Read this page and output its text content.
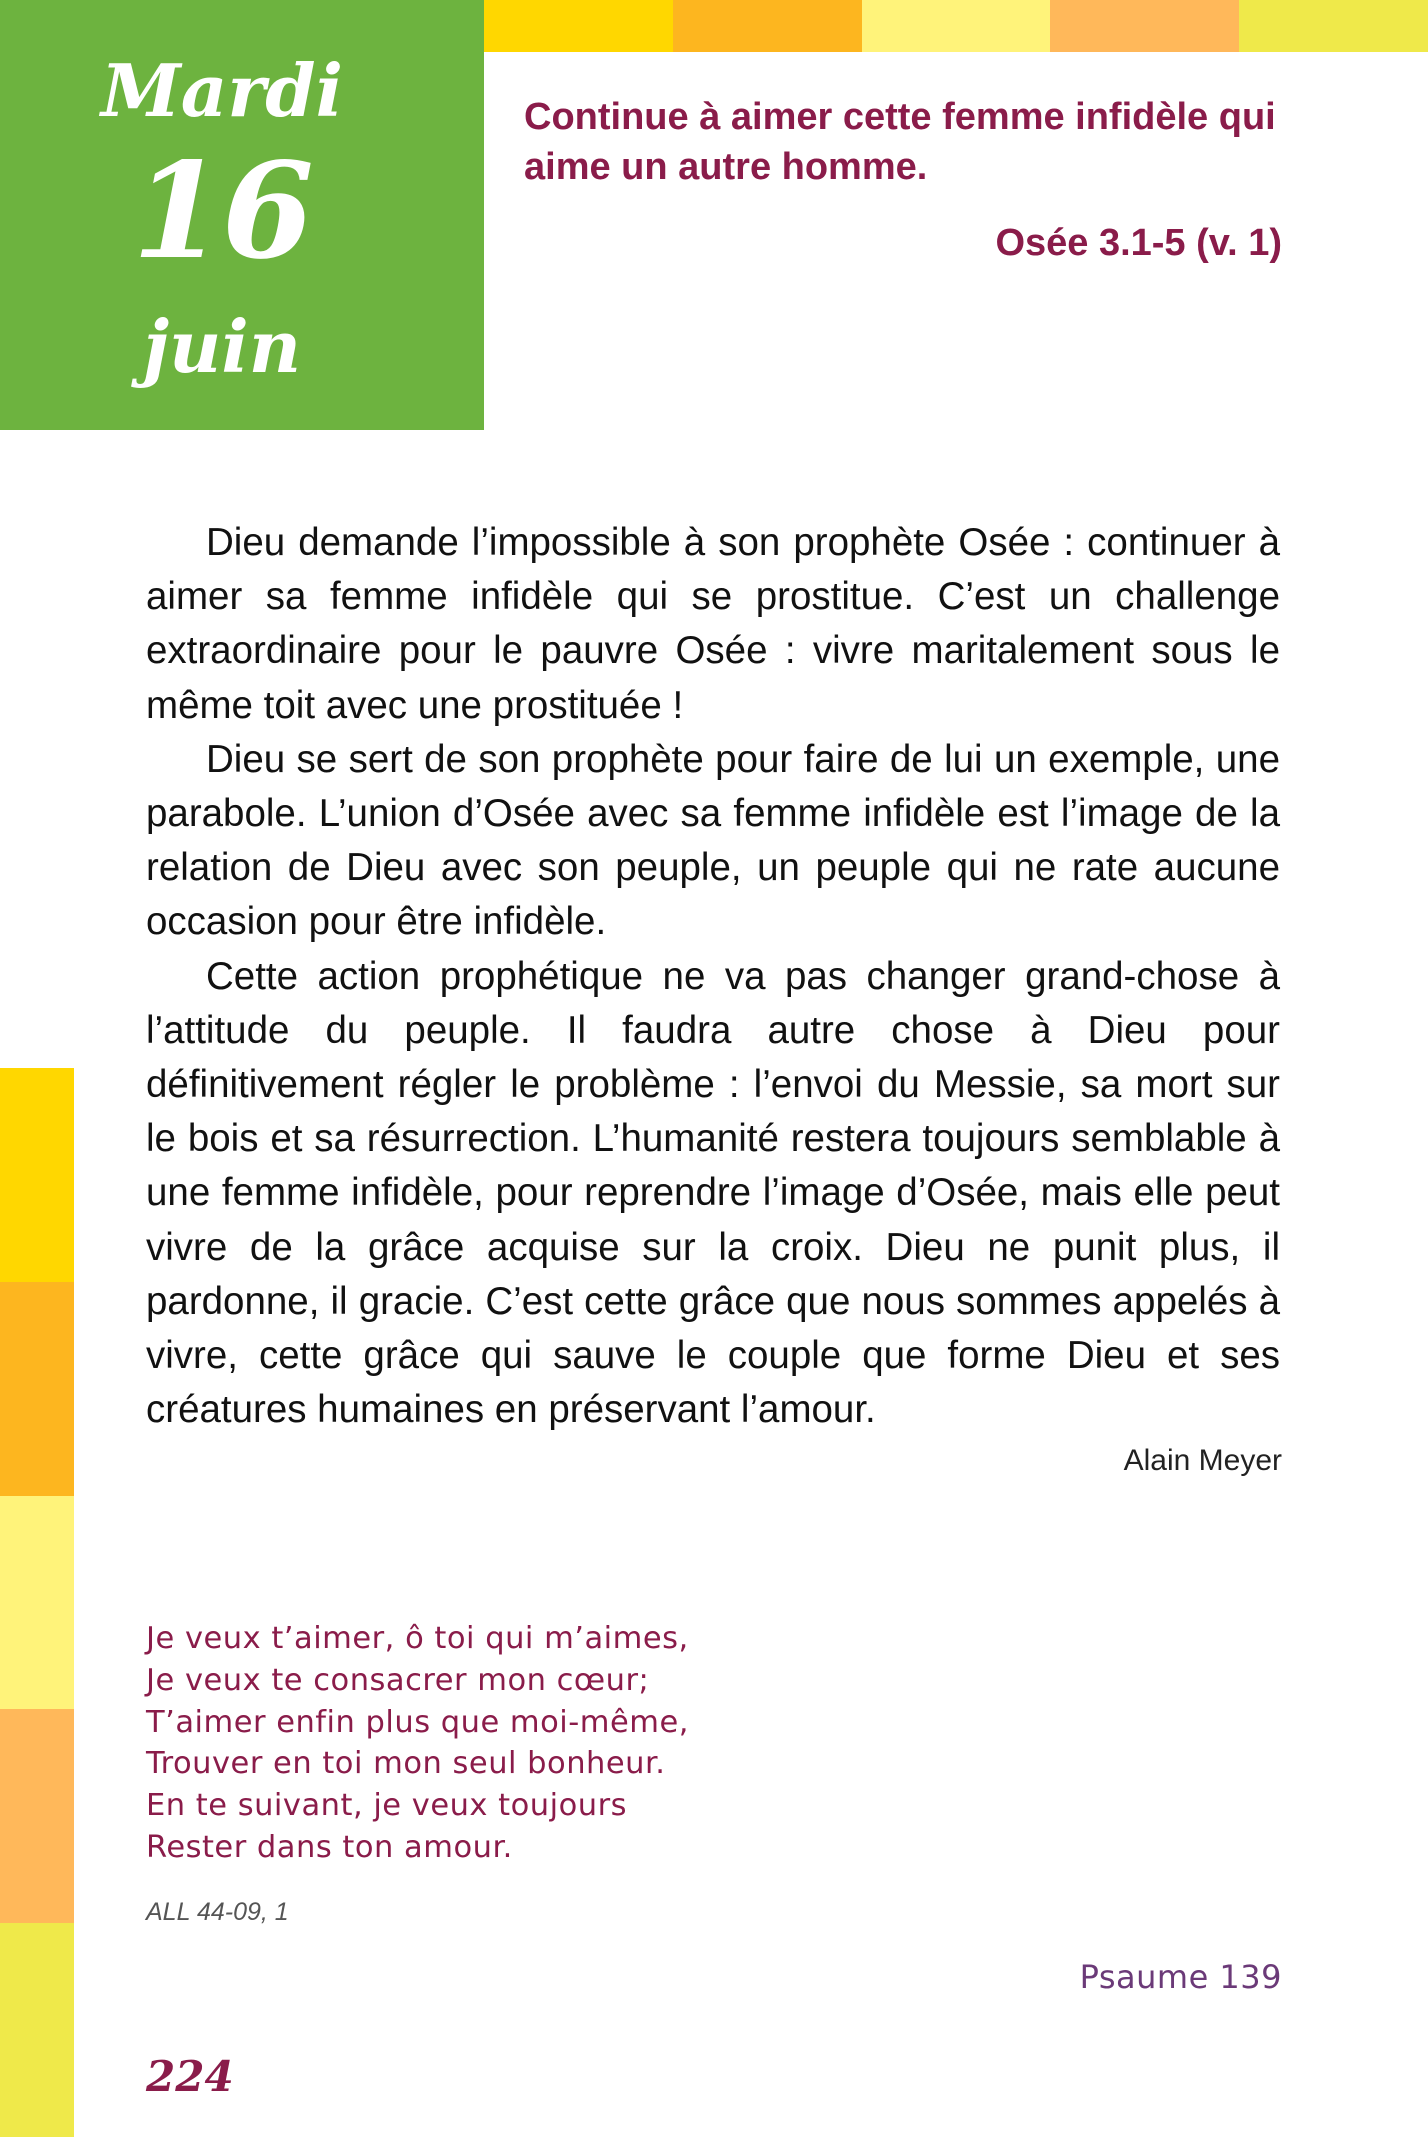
Mardi
16
juin
Continue à aimer cette femme infidèle qui aime un autre homme.
Osée 3.1-5 (v. 1)

Dieu demande l’impossible à son prophète Osée : continuer à aimer sa femme infidèle qui se prostitue. C’est un challenge extraordinaire pour le pauvre Osée : vivre maritalement sous le même toit avec une prostituée !

Dieu se sert de son prophète pour faire de lui un exemple, une parabole. L’union d’Osée avec sa femme infidèle est l’image de la relation de Dieu avec son peuple, un peuple qui ne rate aucune occasion pour être infidèle.

Cette action prophétique ne va pas changer grand-chose à l’attitude du peuple. Il faudra autre chose à Dieu pour définitivement régler le problème : l’envoi du Messie, sa mort sur le bois et sa résurrection. L’humanité restera toujours semblable à une femme infidèle, pour reprendre l’image d’Osée, mais elle peut vivre de la grâce acquise sur la croix. Dieu ne punit plus, il pardonne, il gracie. C’est cette grâce que nous sommes appelés à vivre, cette grâce qui sauve le couple que forme Dieu et ses créatures humaines en préservant l’amour.

Alain Meyer
Je veux t’aimer, ô toi qui m’aimes,
Je veux te consacrer mon cœur;
T’aimer enfin plus que moi-même,
Trouver en toi mon seul bonheur.
En te suivant, je veux toujours
Rester dans ton amour.
ALL 44-09, 1
Psaume 139
224
